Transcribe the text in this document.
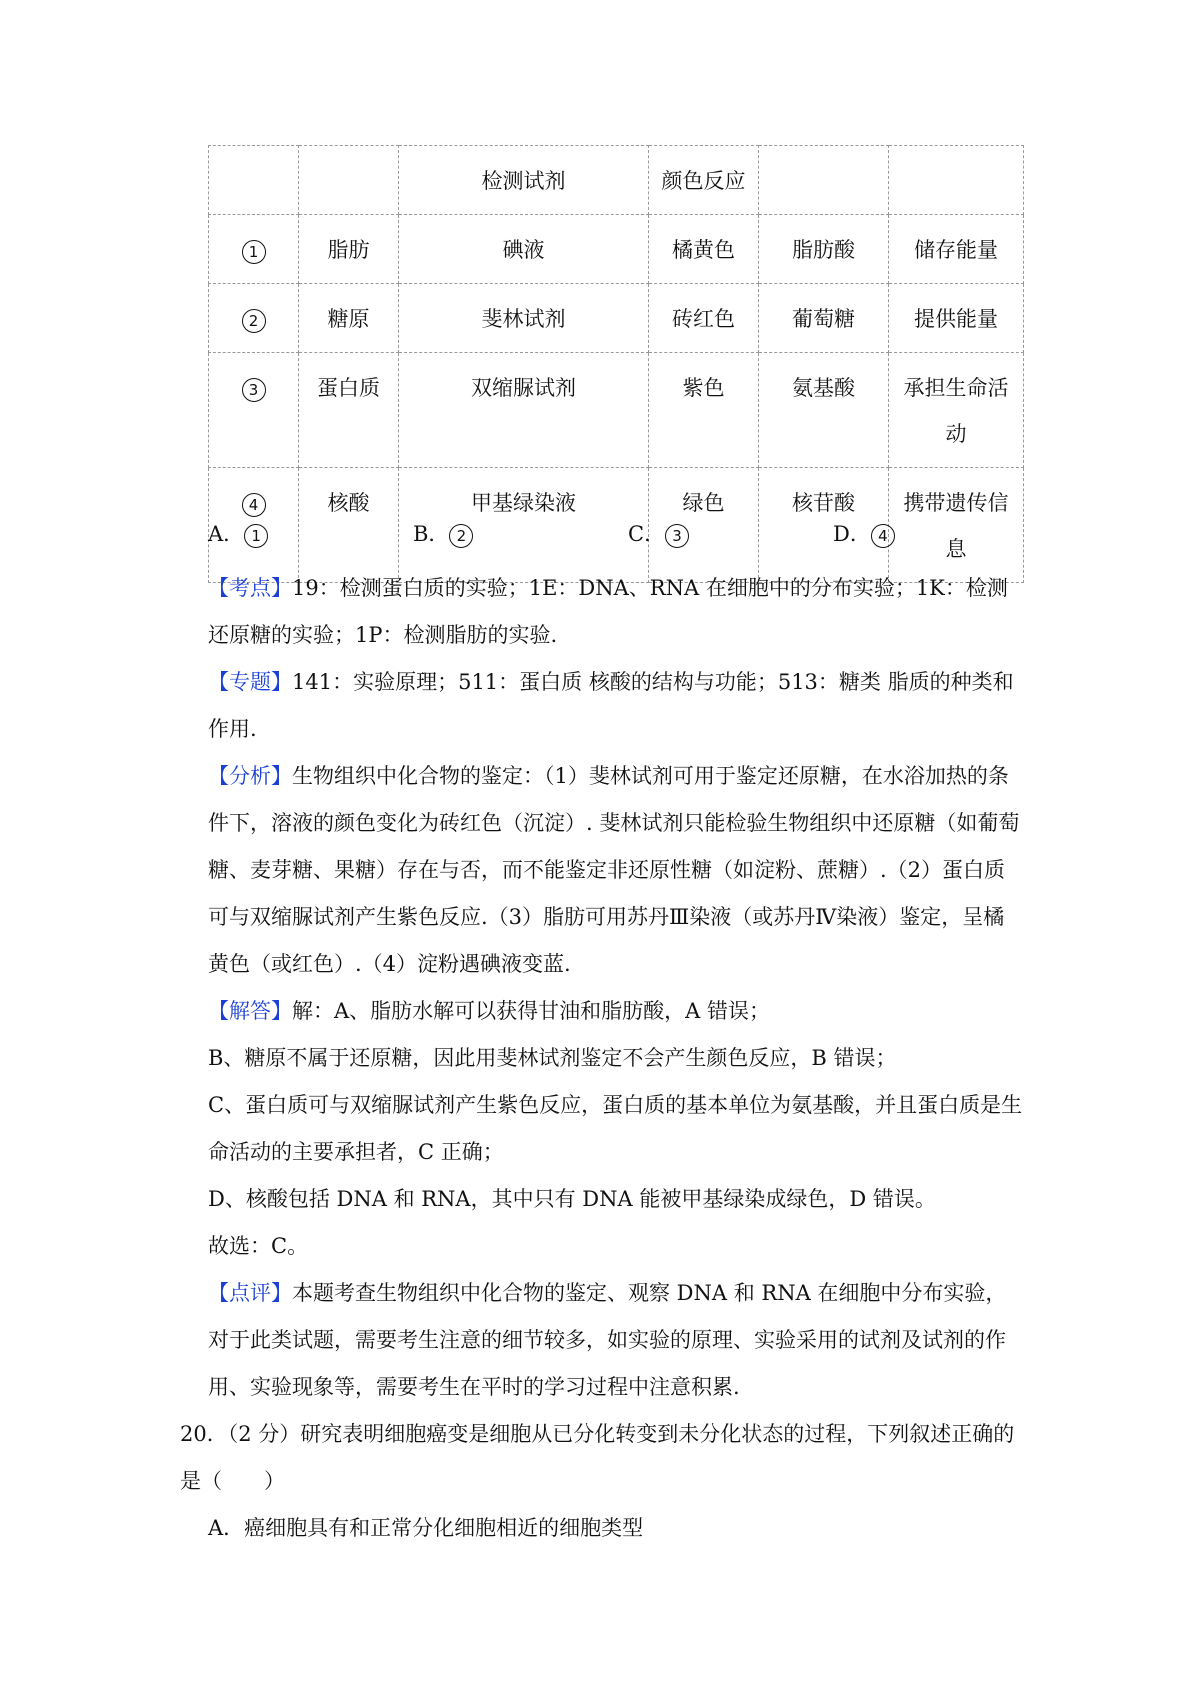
		检测试剂	颜色反应		
1	脂肪	碘液	橘黄色	脂肪酸	储存能量
2	糖原	斐林试剂	砖红色	葡萄糖	提供能量
3	蛋白质	双缩脲试剂	紫色	氨基酸	承担生命活动
4	核酸	甲基绿染液	绿色	核苷酸	携带遗传信息
A． 1	B． 2	C． 3	D． 4

【考点】19：检测蛋白质的实验；1E：DNA、RNA 在细胞中的分布实验；1K：检测还原糖的实验；1P：检测脂肪的实验.

【专题】141：实验原理；511：蛋白质 核酸的结构与功能；513：糖类 脂质的种类和作用.

【分析】生物组织中化合物的鉴定：（1）斐林试剂可用于鉴定还原糖，在水浴加热的条件下，溶液的颜色变化为砖红色（沉淀）. 斐林试剂只能检验生物组织中还原糖（如葡萄糖、麦芽糖、果糖）存在与否，而不能鉴定非还原性糖（如淀粉、蔗糖）.（2）蛋白质可与双缩脲试剂产生紫色反应.（3）脂肪可用苏丹Ⅲ染液（或苏丹Ⅳ染液）鉴定，呈橘黄色（或红色）.（4）淀粉遇碘液变蓝.

【解答】解：A、脂肪水解可以获得甘油和脂肪酸，A 错误；

B、糖原不属于还原糖，因此用斐林试剂鉴定不会产生颜色反应，B 错误；

C、蛋白质可与双缩脲试剂产生紫色反应，蛋白质的基本单位为氨基酸，并且蛋白质是生命活动的主要承担者，C 正确；

D、核酸包括 DNA 和 RNA，其中只有 DNA 能被甲基绿染成绿色，D 错误。

故选：C。

【点评】本题考查生物组织中化合物的鉴定、观察 DNA 和 RNA 在细胞中分布实验，对于此类试题，需要考生注意的细节较多，如实验的原理、实验采用的试剂及试剂的作用、实验现象等，需要考生在平时的学习过程中注意积累.

20．（2 分）研究表明细胞癌变是细胞从已分化转变到未分化状态的过程，下列叙述正确的是（　　）

A．癌细胞具有和正常分化细胞相近的细胞类型
